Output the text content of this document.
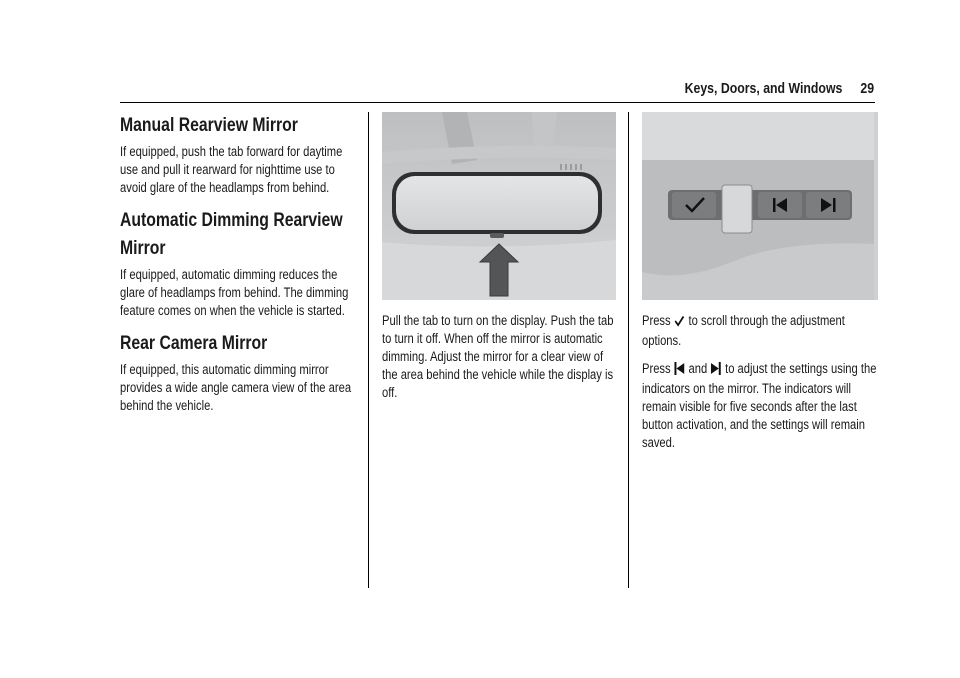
Keys, Doors, and Windows 29
Manual Rearview Mirror

If equipped, push the tab forward for daytime use and pull it rearward for nighttime use to avoid glare of the headlamps from behind.

Automatic Dimming Rearview
Mirror

If equipped, automatic dimming reduces the glare of headlamps from behind. The dimming feature comes on when the vehicle is started.

Rear Camera Mirror

If equipped, this automatic dimming mirror provides a wide angle camera view of the area behind the vehicle.

Pull the tab to turn on the display. Push the tab to turn it off. When off the mirror is automatic dimming. Adjust the mirror for a clear view of the area behind the vehicle while the display is off.

Press to scroll through the adjustment options.

Press and to adjust the settings using the indicators on the mirror. The indicators will remain visible for five seconds after the last button activation, and the settings will remain saved.
